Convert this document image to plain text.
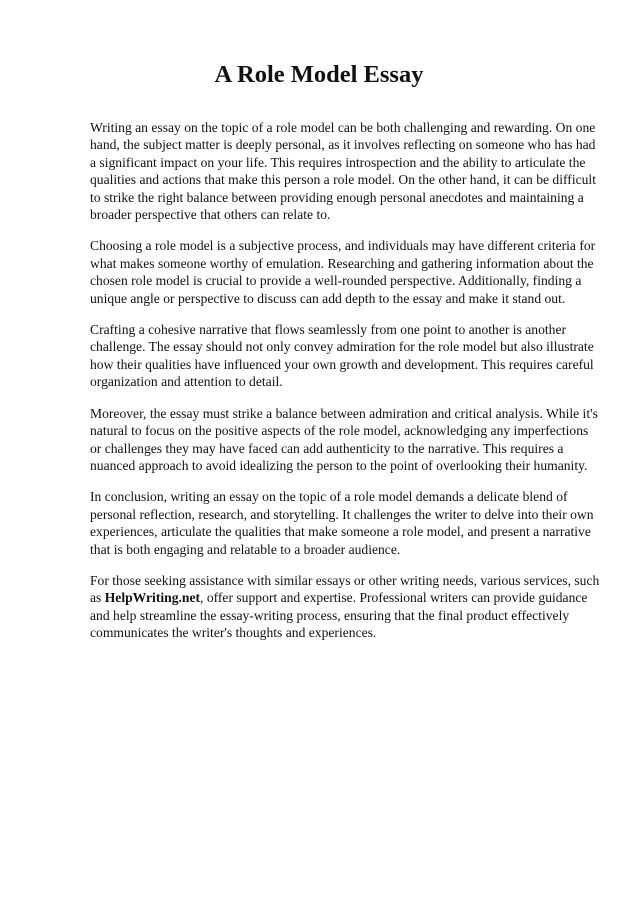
A Role Model Essay

Writing an essay on the topic of a role model can be both challenging and rewarding. On one hand, the subject matter is deeply personal, as it involves reflecting on someone who has had a significant impact on your life. This requires introspection and the ability to articulate the qualities and actions that make this person a role model. On the other hand, it can be difficult to strike the right balance between providing enough personal anecdotes and maintaining a broader perspective that others can relate to.

Choosing a role model is a subjective process, and individuals may have different criteria for what makes someone worthy of emulation. Researching and gathering information about the chosen role model is crucial to provide a well-rounded perspective. Additionally, finding a unique angle or perspective to discuss can add depth to the essay and make it stand out.

Crafting a cohesive narrative that flows seamlessly from one point to another is another challenge. The essay should not only convey admiration for the role model but also illustrate how their qualities have influenced your own growth and development. This requires careful organization and attention to detail.

Moreover, the essay must strike a balance between admiration and critical analysis. While it's natural to focus on the positive aspects of the role model, acknowledging any imperfections or challenges they may have faced can add authenticity to the narrative. This requires a nuanced approach to avoid idealizing the person to the point of overlooking their humanity.

In conclusion, writing an essay on the topic of a role model demands a delicate blend of personal reflection, research, and storytelling. It challenges the writer to delve into their own experiences, articulate the qualities that make someone a role model, and present a narrative that is both engaging and relatable to a broader audience.

For those seeking assistance with similar essays or other writing needs, various services, such as HelpWriting.net, offer support and expertise. Professional writers can provide guidance and help streamline the essay-writing process, ensuring that the final product effectively communicates the writer's thoughts and experiences.
